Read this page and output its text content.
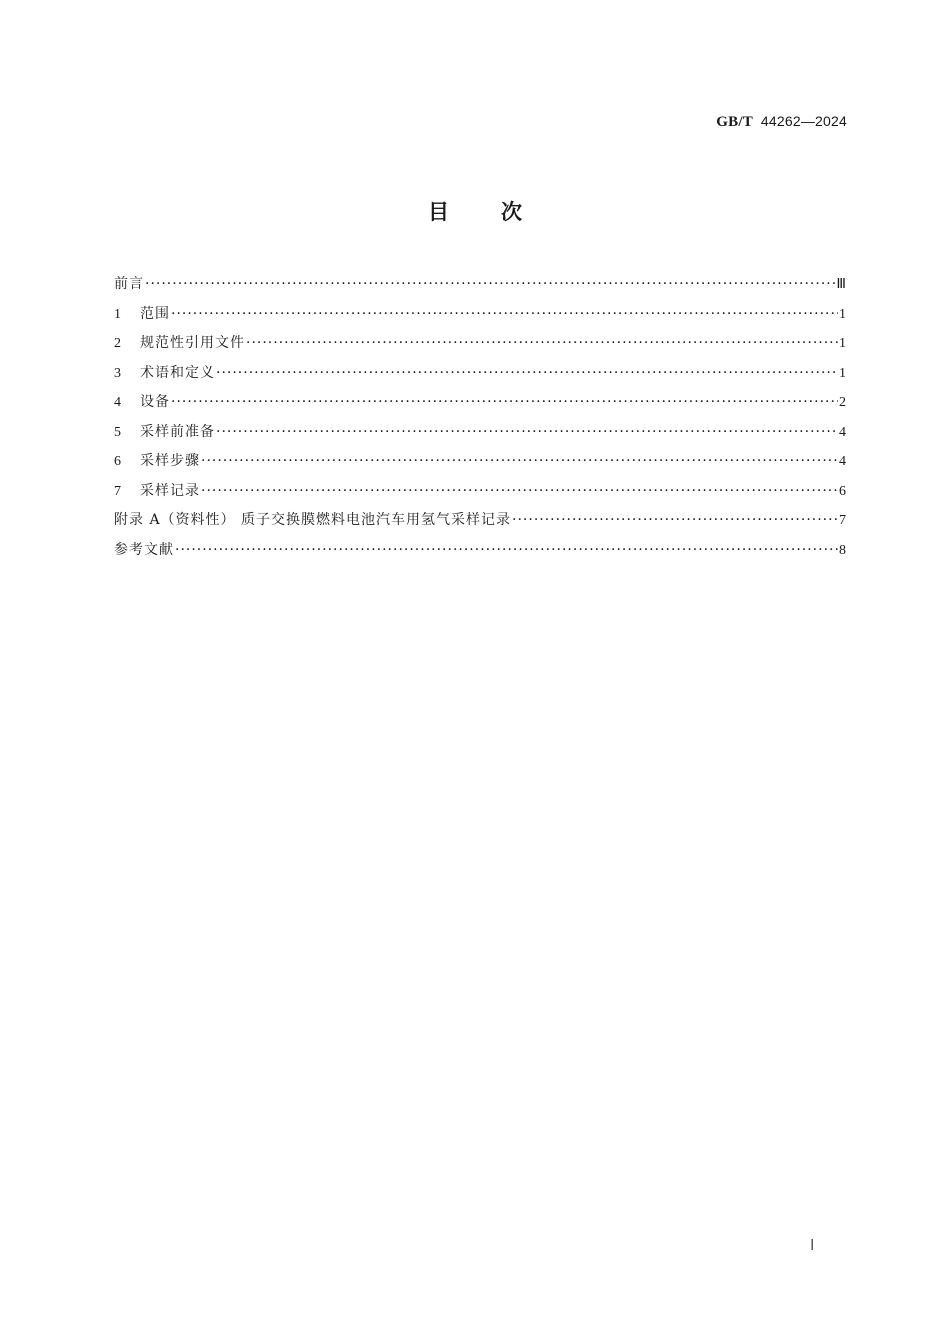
GB/T 44262—2024
目 次
前言 ·····	Ⅲ
1	范围 ·····	1
2	规范性引用文件 ·····	1
3	术语和定义 ·····	1
4	设备 ·····	2
5	采样前准备 ·····	4
6	采样步骤 ·····	4
7	采样记录 ·····	6
附录 A（资料性） 质子交换膜燃料电池汽车用氢气采样记录 ·····	7
参考文献 ·····	8
Ⅰ
